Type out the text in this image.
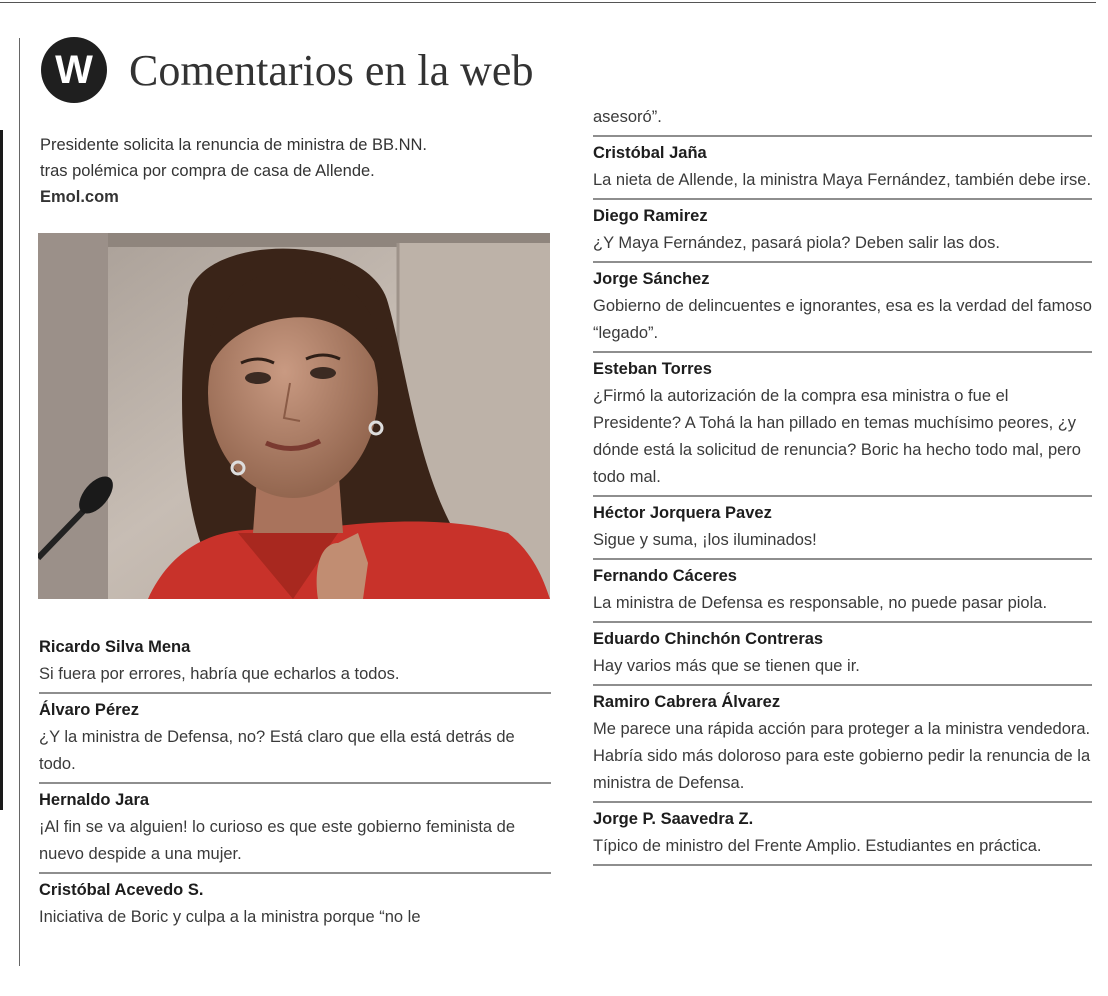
W Comentarios en la web
Presidente solicita la renuncia de ministra de BB.NN. tras polémica por compra de casa de Allende. Emol.com
Ricardo Silva Mena
Si fuera por errores, habría que echarlos a todos.
Álvaro Pérez
¿Y la ministra de Defensa, no? Está claro que ella está detrás de todo.
Hernaldo Jara
¡Al fin se va alguien! lo curioso es que este gobierno feminista de nuevo despide a una mujer.
Cristóbal Acevedo S.
Iniciativa de Boric y culpa a la ministra porque “no le
asesoró”.
Cristóbal Jaña
La nieta de Allende, la ministra Maya Fernández, también debe irse.
Diego Ramirez
¿Y Maya Fernández, pasará piola? Deben salir las dos.
Jorge Sánchez
Gobierno de delincuentes e ignorantes, esa es la verdad del famoso “legado”.
Esteban Torres
¿Firmó la autorización de la compra esa ministra o fue el Presidente? A Tohá la han pillado en temas muchísimo peores, ¿y dónde está la solicitud de renuncia? Boric ha hecho todo mal, pero todo mal.
Héctor Jorquera Pavez
Sigue y suma, ¡los iluminados!
Fernando Cáceres
La ministra de Defensa es responsable, no puede pasar piola.
Eduardo Chinchón Contreras
Hay varios más que se tienen que ir.
Ramiro Cabrera Álvarez
Me parece una rápida acción para proteger a la ministra vendedora. Habría sido más doloroso para este gobierno pedir la renuncia de la ministra de Defensa.
Jorge P. Saavedra Z.
Típico de ministro del Frente Amplio. Estudiantes en práctica.
